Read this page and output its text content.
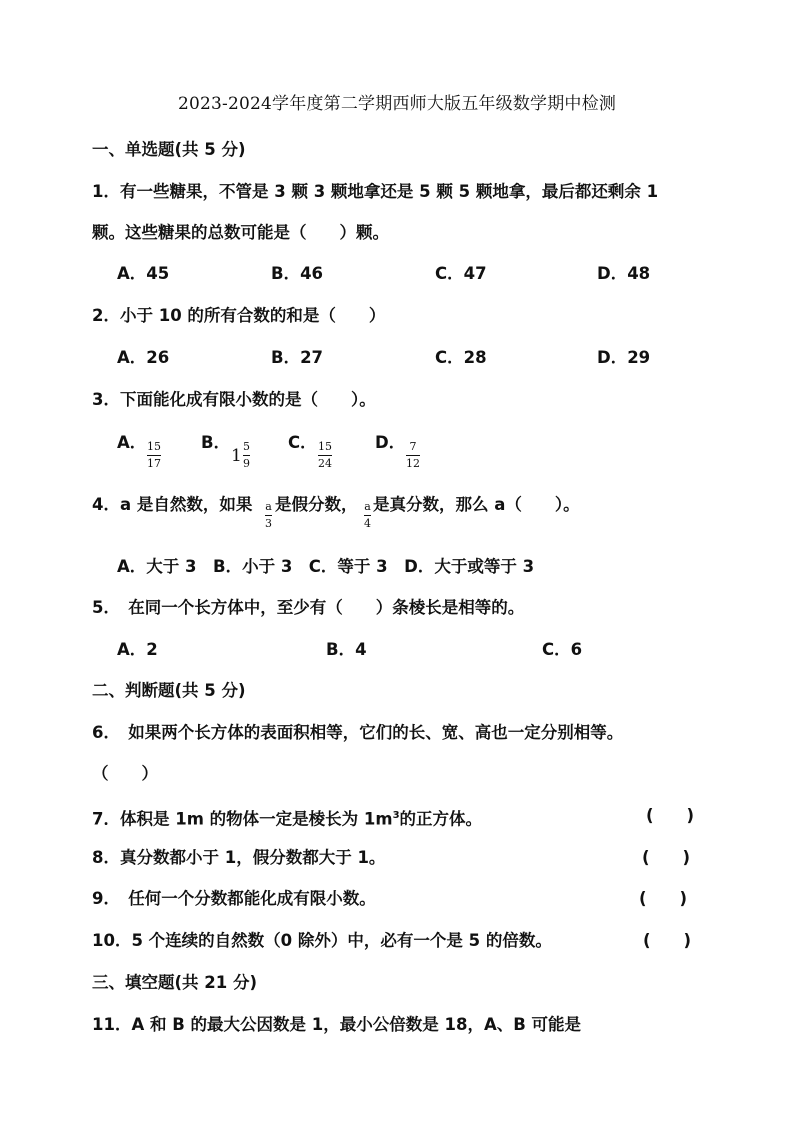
2023-2024学年度第二学期西师大版五年级数学期中检测
一、单选题(共 5 分)
1．有一些糖果，不管是 3 颗 3 颗地拿还是 5 颗 5 颗地拿，最后都还剩余 1
颗。这些糖果的总数可能是（　　）颗。
A．45	B．46	C．47	D．48
2．小于 10 的所有合数的和是（　　）
A．26	B．27	C．28	D．29
3．下面能化成有限小数的是（　　）。
A． 15
17
B．
1 5
9
C． 15
24
D． 7
12
4．a 是自然数，如果 a
3
是假分数， a
4
是真分数，那么 a（　　）。
A．大于 3　B．小于 3　C．等于 3　D．大于或等于 3
5．　在同一个长方体中，至少有（　　）条棱长是相等的。
A．2	B．4	C．6
二、判断题(共 5 分)
6．　如果两个长方体的表面积相等，它们的长、宽、高也一定分别相等。
（　　）
7．体积是 1m 的物体一定是棱长为 $1m^3$的正方体。	(　　)
8．真分数都小于 1，假分数都大于 1。	(　　)
9．　任何一个分数都能化成有限小数。	(　　)
10．5 个连续的自然数（0 除外）中，必有一个是 5 的倍数。	(　　)
三、填空题(共 21 分)
11．A 和 B 的最大公因数是 1，最小公倍数是 18，A、B 可能是
